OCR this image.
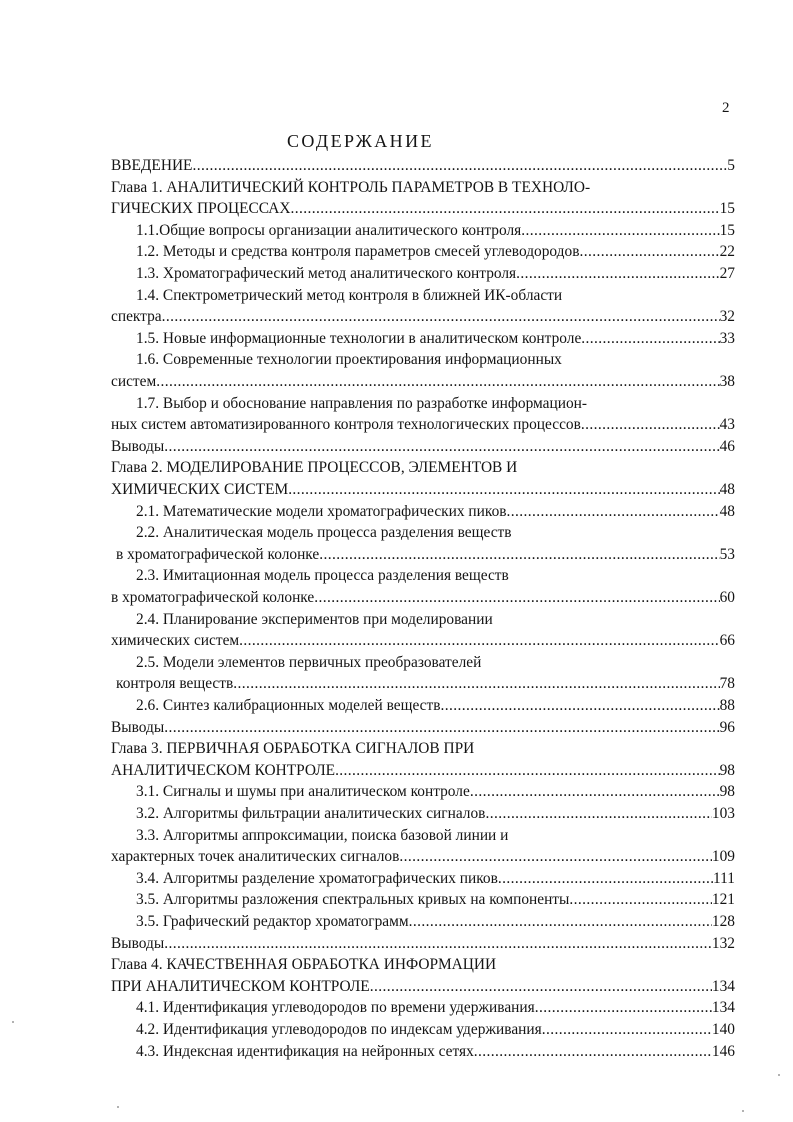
2
СОДЕРЖАНИЕ
ВВЕДЕНИЕ .....	5
Глава 1. АНАЛИТИЧЕСКИЙ КОНТРОЛЬ ПАРАМЕТРОВ В ТЕХНОЛО-
ГИЧЕСКИХ ПРОЦЕССАХ .....	15
1.1.Общие вопросы организации аналитического контроля .....	15
1.2. Методы и средства контроля параметров смесей углеводородов .....	22
1.3. Хроматографический метод аналитического контроля .....	27
1.4. Спектрометрический метод контроля в ближней ИК-области
спектра .....	32
1.5. Новые информационные технологии в аналитическом контроле .....	33
1.6. Современные технологии проектирования информационных
систем .....	38
1.7. Выбор и обоснование направления по разработке информацион-
ных систем автоматизированного контроля технологических процессов .....	43
Выводы .....	46
Глава 2. МОДЕЛИРОВАНИЕ ПРОЦЕССОВ, ЭЛЕМЕНТОВ И
ХИМИЧЕСКИХ СИСТЕМ .....	48
2.1. Математические модели хроматографических пиков .....	48
2.2. Аналитическая модель процесса разделения веществ
в хроматографической колонке .....	53
2.3. Имитационная модель процесса разделения веществ
в хроматографической колонке .....	60
2.4. Планирование экспериментов при моделировании
химических систем .....	66
2.5. Модели элементов первичных преобразователей
контроля веществ .....	78
2.6. Синтез калибрационных моделей веществ .....	88
Выводы .....	96
Глава 3. ПЕРВИЧНАЯ ОБРАБОТКА СИГНАЛОВ ПРИ
АНАЛИТИЧЕСКОМ КОНТРОЛЕ .....	98
3.1. Сигналы и шумы при аналитическом контроле .....	98
3.2. Алгоритмы фильтрации аналитических сигналов .....	103
3.3. Алгоритмы аппроксимации, поиска базовой линии и
характерных точек аналитических сигналов .....	109
3.4. Алгоритмы разделение хроматографических пиков .....	111
3.5. Алгоритмы разложения спектральных кривых на компоненты .....	121
3.5. Графический редактор хроматограмм .....	128
Выводы .....	132
Глава 4. КАЧЕСТВЕННАЯ ОБРАБОТКА ИНФОРМАЦИИ
ПРИ АНАЛИТИЧЕСКОМ КОНТРОЛЕ .....	134
4.1. Идентификация углеводородов по времени удерживания .....	134
4.2. Идентификация углеводородов по индексам удерживания .....	140
4.3. Индексная идентификация на нейронных сетях .....	146
